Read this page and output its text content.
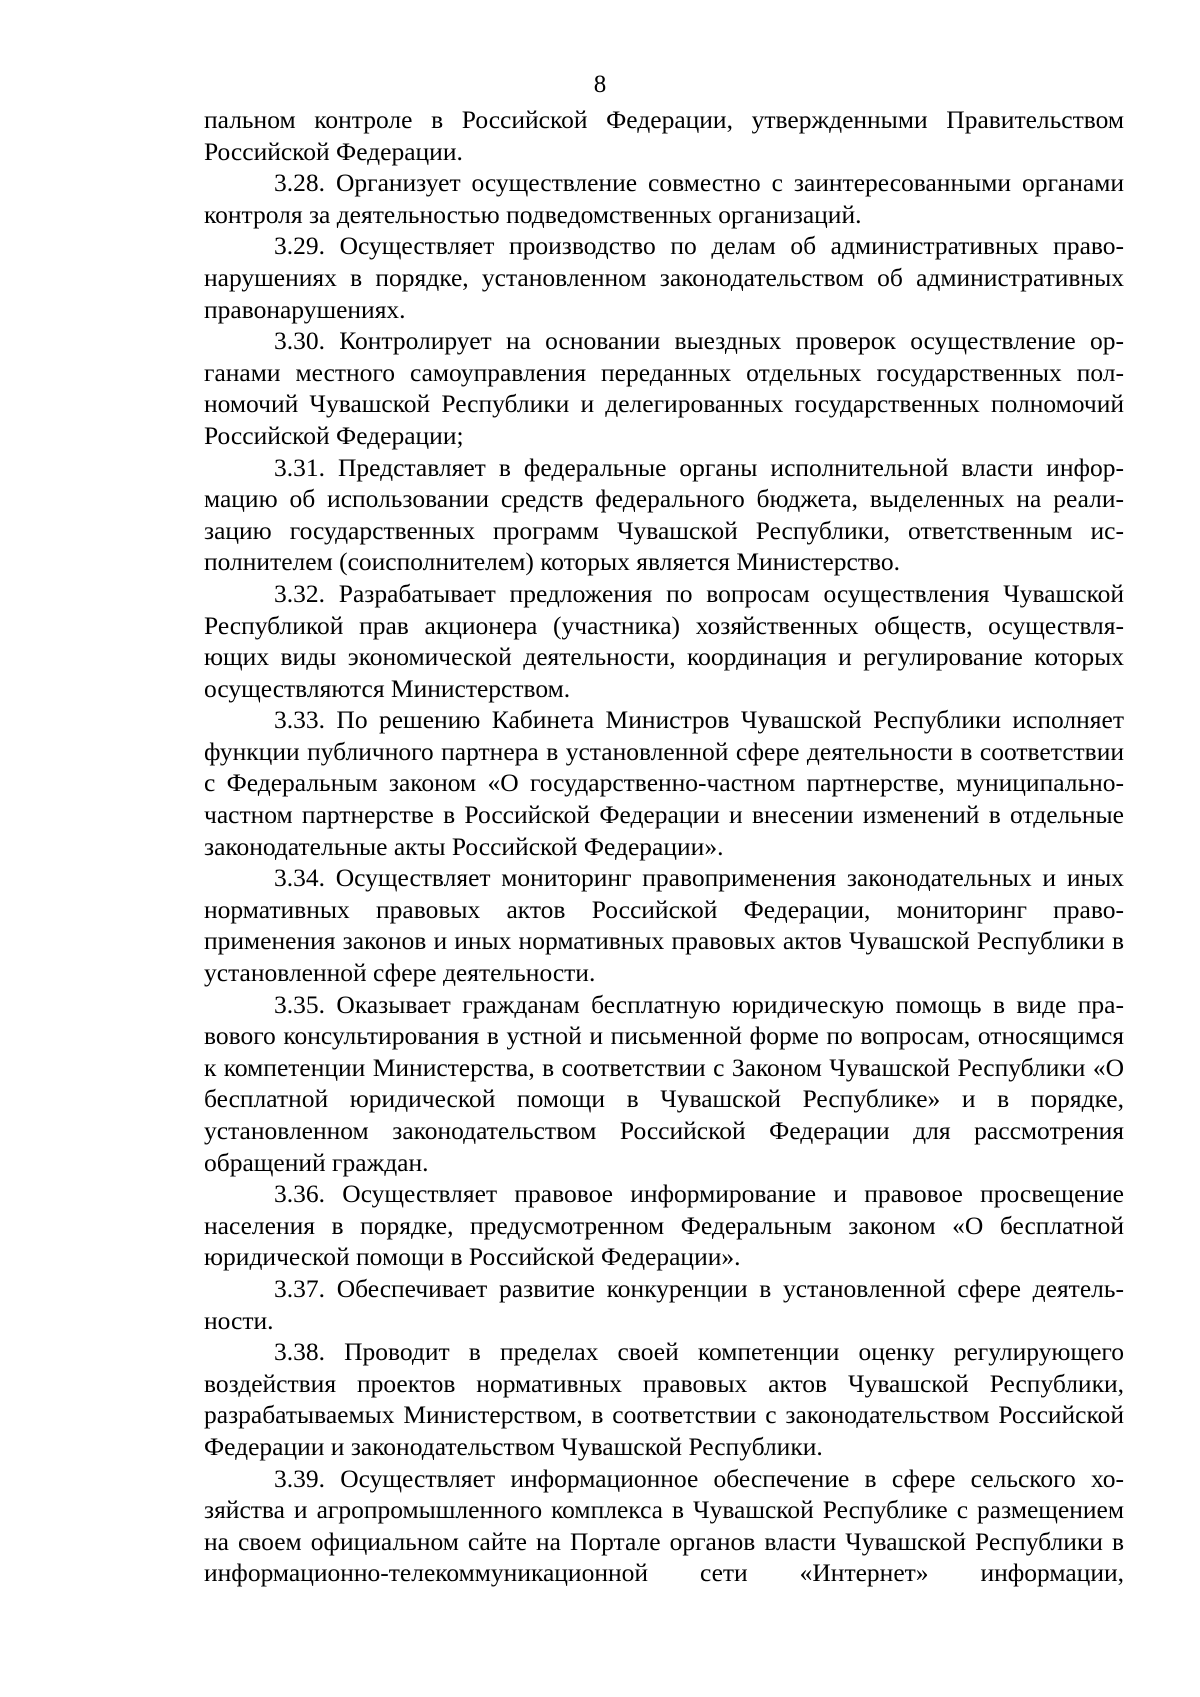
8

пальном контроле в Российской Федерации, утвержденными Правительством Российской Федерации.

3.28. Организует осуществление совместно с заинтересованными органами контроля за деятельностью подведомственных организаций.

3.29. Осуществляет производство по делам об административных правонарушениях в порядке, установленном законодательством об административных правонарушениях.

3.30. Контролирует на основании выездных проверок осуществление органами местного самоуправления переданных отдельных государственных полномочий Чувашской Республики и делегированных государственных полномочий Российской Федерации;

3.31. Представляет в федеральные органы исполнительной власти информацию об использовании средств федерального бюджета, выделенных на реализацию государственных программ Чувашской Республики, ответственным исполнителем (соисполнителем) которых является Министерство.

3.32. Разрабатывает предложения по вопросам осуществления Чувашской Республикой прав акционера (участника) хозяйственных обществ, осуществляющих виды экономической деятельности, координация и регулирование которых осуществляются Министерством.

3.33. По решению Кабинета Министров Чувашской Республики исполняет функции публичного партнера в установленной сфере деятельности в соответствии с Федеральным законом «О государственно-частном партнерстве, муниципально-частном партнерстве в Российской Федерации и внесении изменений в отдельные законодательные акты Российской Федерации».

3.34. Осуществляет мониторинг правоприменения законодательных и иных нормативных правовых актов Российской Федерации, мониторинг правоприменения законов и иных нормативных правовых актов Чувашской Республики в установленной сфере деятельности.

3.35. Оказывает гражданам бесплатную юридическую помощь в виде правового консультирования в устной и письменной форме по вопросам, относящимся к компетенции Министерства, в соответствии с Законом Чувашской Республики «О бесплатной юридической помощи в Чувашской Республике» и в порядке, установленном законодательством Российской Федерации для рассмотрения обращений граждан.

3.36. Осуществляет правовое информирование и правовое просвещение населения в порядке, предусмотренном Федеральным законом «О бесплатной юридической помощи в Российской Федерации».

3.37. Обеспечивает развитие конкуренции в установленной сфере деятельности.

3.38. Проводит в пределах своей компетенции оценку регулирующего воздействия проектов нормативных правовых актов Чувашской Республики, разрабатываемых Министерством, в соответствии с законодательством Российской Федерации и законодательством Чувашской Республики.

3.39. Осуществляет информационное обеспечение в сфере сельского хозяйства и агропромышленного комплекса в Чувашской Республике с размещением на своем официальном сайте на Портале органов власти Чувашской Республики в информационно-телекоммуникационной сети «Интернет» информации,
